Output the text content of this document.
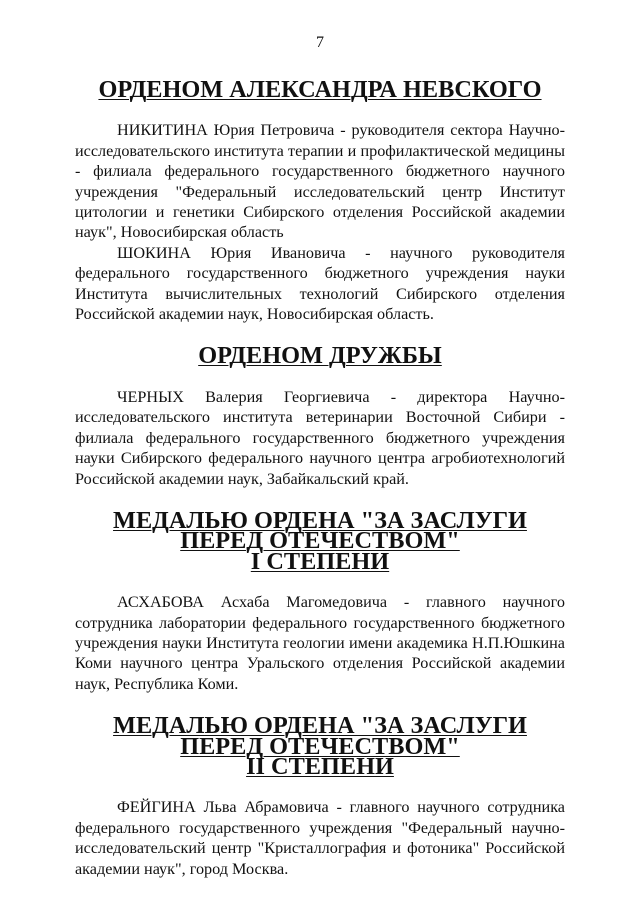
7
ОРДЕНОМ АЛЕКСАНДРА НЕВСКОГО

НИКИТИНА Юрия Петровича - руководителя сектора Научно-исследовательского института терапии и профилактической медицины - филиала федерального государственного бюджетного научного учреждения "Федеральный исследовательский центр Институт цитологии и генетики Сибирского отделения Российской академии наук", Новосибирская область

ШОКИНА Юрия Ивановича - научного руководителя федерального государственного бюджетного учреждения науки Института вычислительных технологий Сибирского отделения Российской академии наук, Новосибирская область.

ОРДЕНОМ ДРУЖБЫ

ЧЕРНЫХ Валерия Георгиевича - директора Научно-исследовательского института ветеринарии Восточной Сибири - филиала федерального государственного бюджетного учреждения науки Сибирского федерального научного центра агробиотехнологий Российской академии наук, Забайкальский край.

МЕДАЛЬЮ ОРДЕНА "ЗА ЗАСЛУГИ ПЕРЕД ОТЕЧЕСТВОМ"
I СТЕПЕНИ

АСХАБОВА Асхаба Магомедовича - главного научного сотрудника лаборатории федерального государственного бюджетного учреждения науки Института геологии имени академика Н.П.Юшкина Коми научного центра Уральского отделения Российской академии наук, Республика Коми.

МЕДАЛЬЮ ОРДЕНА "ЗА ЗАСЛУГИ ПЕРЕД ОТЕЧЕСТВОМ"
II СТЕПЕНИ

ФЕЙГИНА Льва Абрамовича - главного научного сотрудника федерального государственного учреждения "Федеральный научно-исследовательский центр "Кристаллография и фотоника" Российской академии наук", город Москва.
